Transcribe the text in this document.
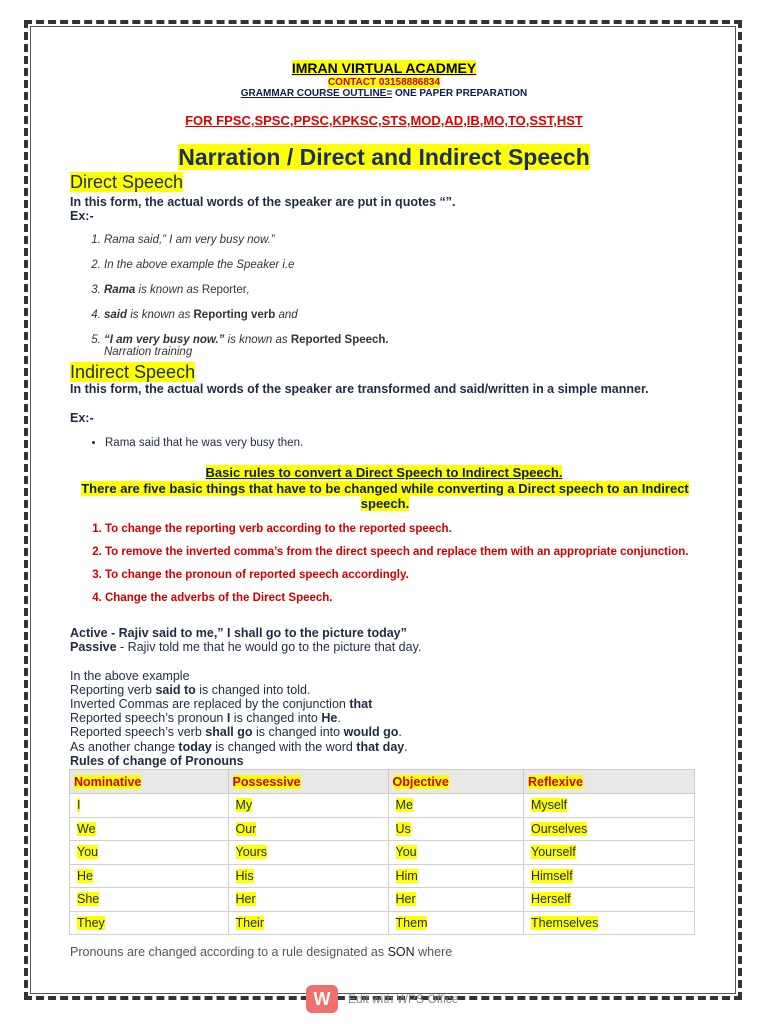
IMRAN VIRTUAL ACADMEY
CONTACT 03158886834
GRAMMAR COURSE OUTLINE= ONE PAPER PREPARATION
FOR FPSC,SPSC,PPSC,KPKSC,STS,MOD,AD,IB,MO,TO,SST,HST
Narration / Direct and Indirect Speech
Direct Speech
In this form, the actual words of the speaker are put in quotes “”.
Ex:-
1. Rama said,” I am very busy now.”
2. In the above example the Speaker i.e
3. Rama is known as Reporter,
4. said is known as Reporting verb and
5. “I am very busy now.” is known as Reported Speech.
Narration training
Indirect Speech
In this form, the actual words of the speaker are transformed and said/written in a simple manner.
Ex:-
• Rama said that he was very busy then.
Basic rules to convert a Direct Speech to Indirect Speech.
There are five basic things that have to be changed while converting a Direct speech to an Indirect speech.
1. To change the reporting verb according to the reported speech.
2. To remove the inverted comma’s from the direct speech and replace them with an appropriate conjunction.
3. To change the pronoun of reported speech accordingly.
4. Change the adverbs of the Direct Speech.
Active - Rajiv said to me,” I shall go to the picture today”
Passive - Rajiv told me that he would go to the picture that day.
In the above example
Reporting verb said to is changed into told.
Inverted Commas are replaced by the conjunction that
Reported speech’s pronoun I is changed into He.
Reported speech’s verb shall go is changed into would go.
As another change today is changed with the word that day.
Rules of change of Pronouns
Nominative	Possessive	Objective	Reflexive
I	My	Me	Myself
We	Our	Us	Ourselves
You	Yours	You	Yourself
He	His	Him	Himself
She	Her	Her	Herself
They	Their	Them	Themselves
Pronouns are changed according to a rule designated as SON where
W	Edit with WPS Office
